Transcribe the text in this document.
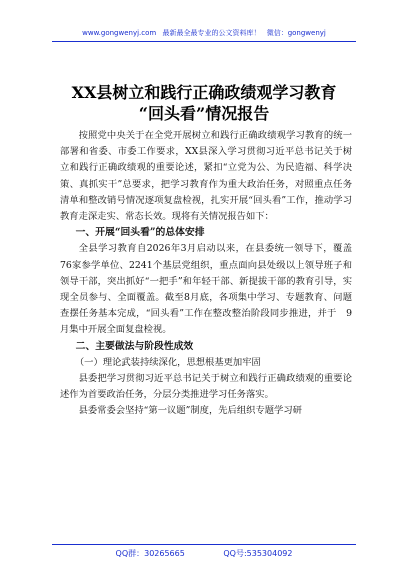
www.gongwenyj.com 最新最全最专业的公文资料库！ 微信：gongwenyj
XX县树立和践行正确政绩观学习教育
“回头看”情况报告

按照党中央关于在全党开展树立和践行正确政绩观学习教育的统一部署和省委、市委工作要求，XX县深入学习贯彻习近平总书记关于树立和践行正确政绩观的重要论述，紧扣“立党为公、为民造福、科学决策、真抓实干”总要求，把学习教育作为重大政治任务，对照重点任务清单和整改销号情况逐项复盘检视，扎实开展“回头看”工作，推动学习教育走深走实、常态长效。现将有关情况报告如下：

一、开展“回头看”的总体安排

全县学习教育自2026年3月启动以来，在县委统一领导下，覆盖　76家参学单位、2241个基层党组织，重点面向县处级以上领导班子和领导干部，突出抓好“一把手”和年轻干部、新提拔干部的教育引导，实现全员参与、全面覆盖。截至8月底，各项集中学习、专题教育、问题查摆任务基本完成，“回头看”工作在整改整治阶段同步推进，并于　9月集中开展全面复盘检视。

二、主要做法与阶段性成效

（一）理论武装持续深化，思想根基更加牢固

县委把学习贯彻习近平总书记关于树立和践行正确政绩观的重要论述作为首要政治任务，分层分类推进学习任务落实。

县委常委会坚持“第一议题”制度，先后组织专题学习研

QQ群：30265665	QQ号:535304092
